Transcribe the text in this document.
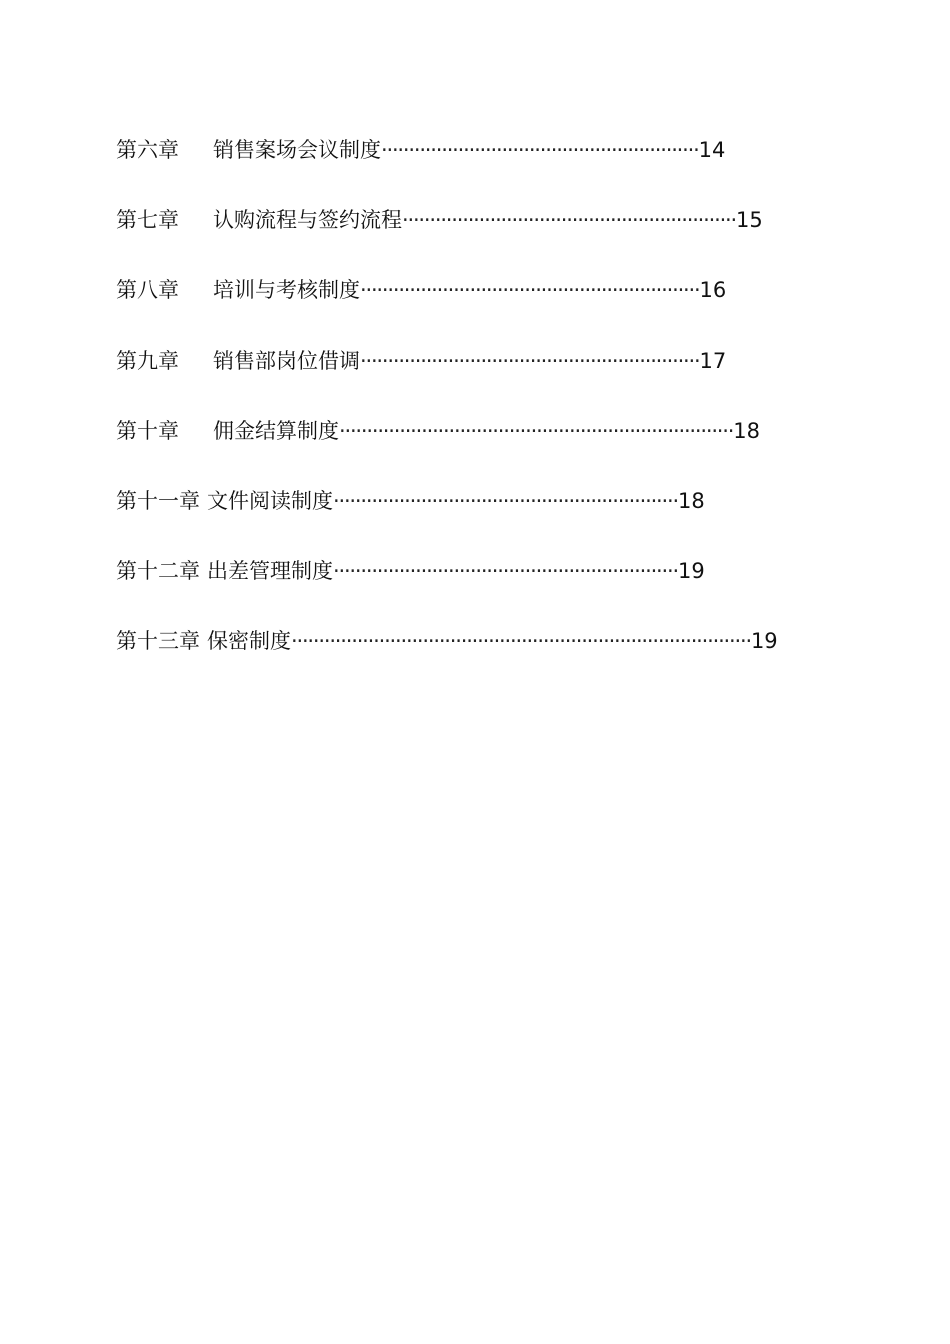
第六章 销售案场会议制度 ·························································· 14
第七章 认购流程与签约流程 ····························································· 15
第八章 培训与考核制度 ······························································ 16
第九章 销售部岗位借调 ······························································ 17
第十章 佣金结算制度 ········································································ 18
第十一章 文件阅读制度 ······························································· 18
第十二章 出差管理制度 ······························································· 19
第十三章 保密制度 ···················································································· 19
